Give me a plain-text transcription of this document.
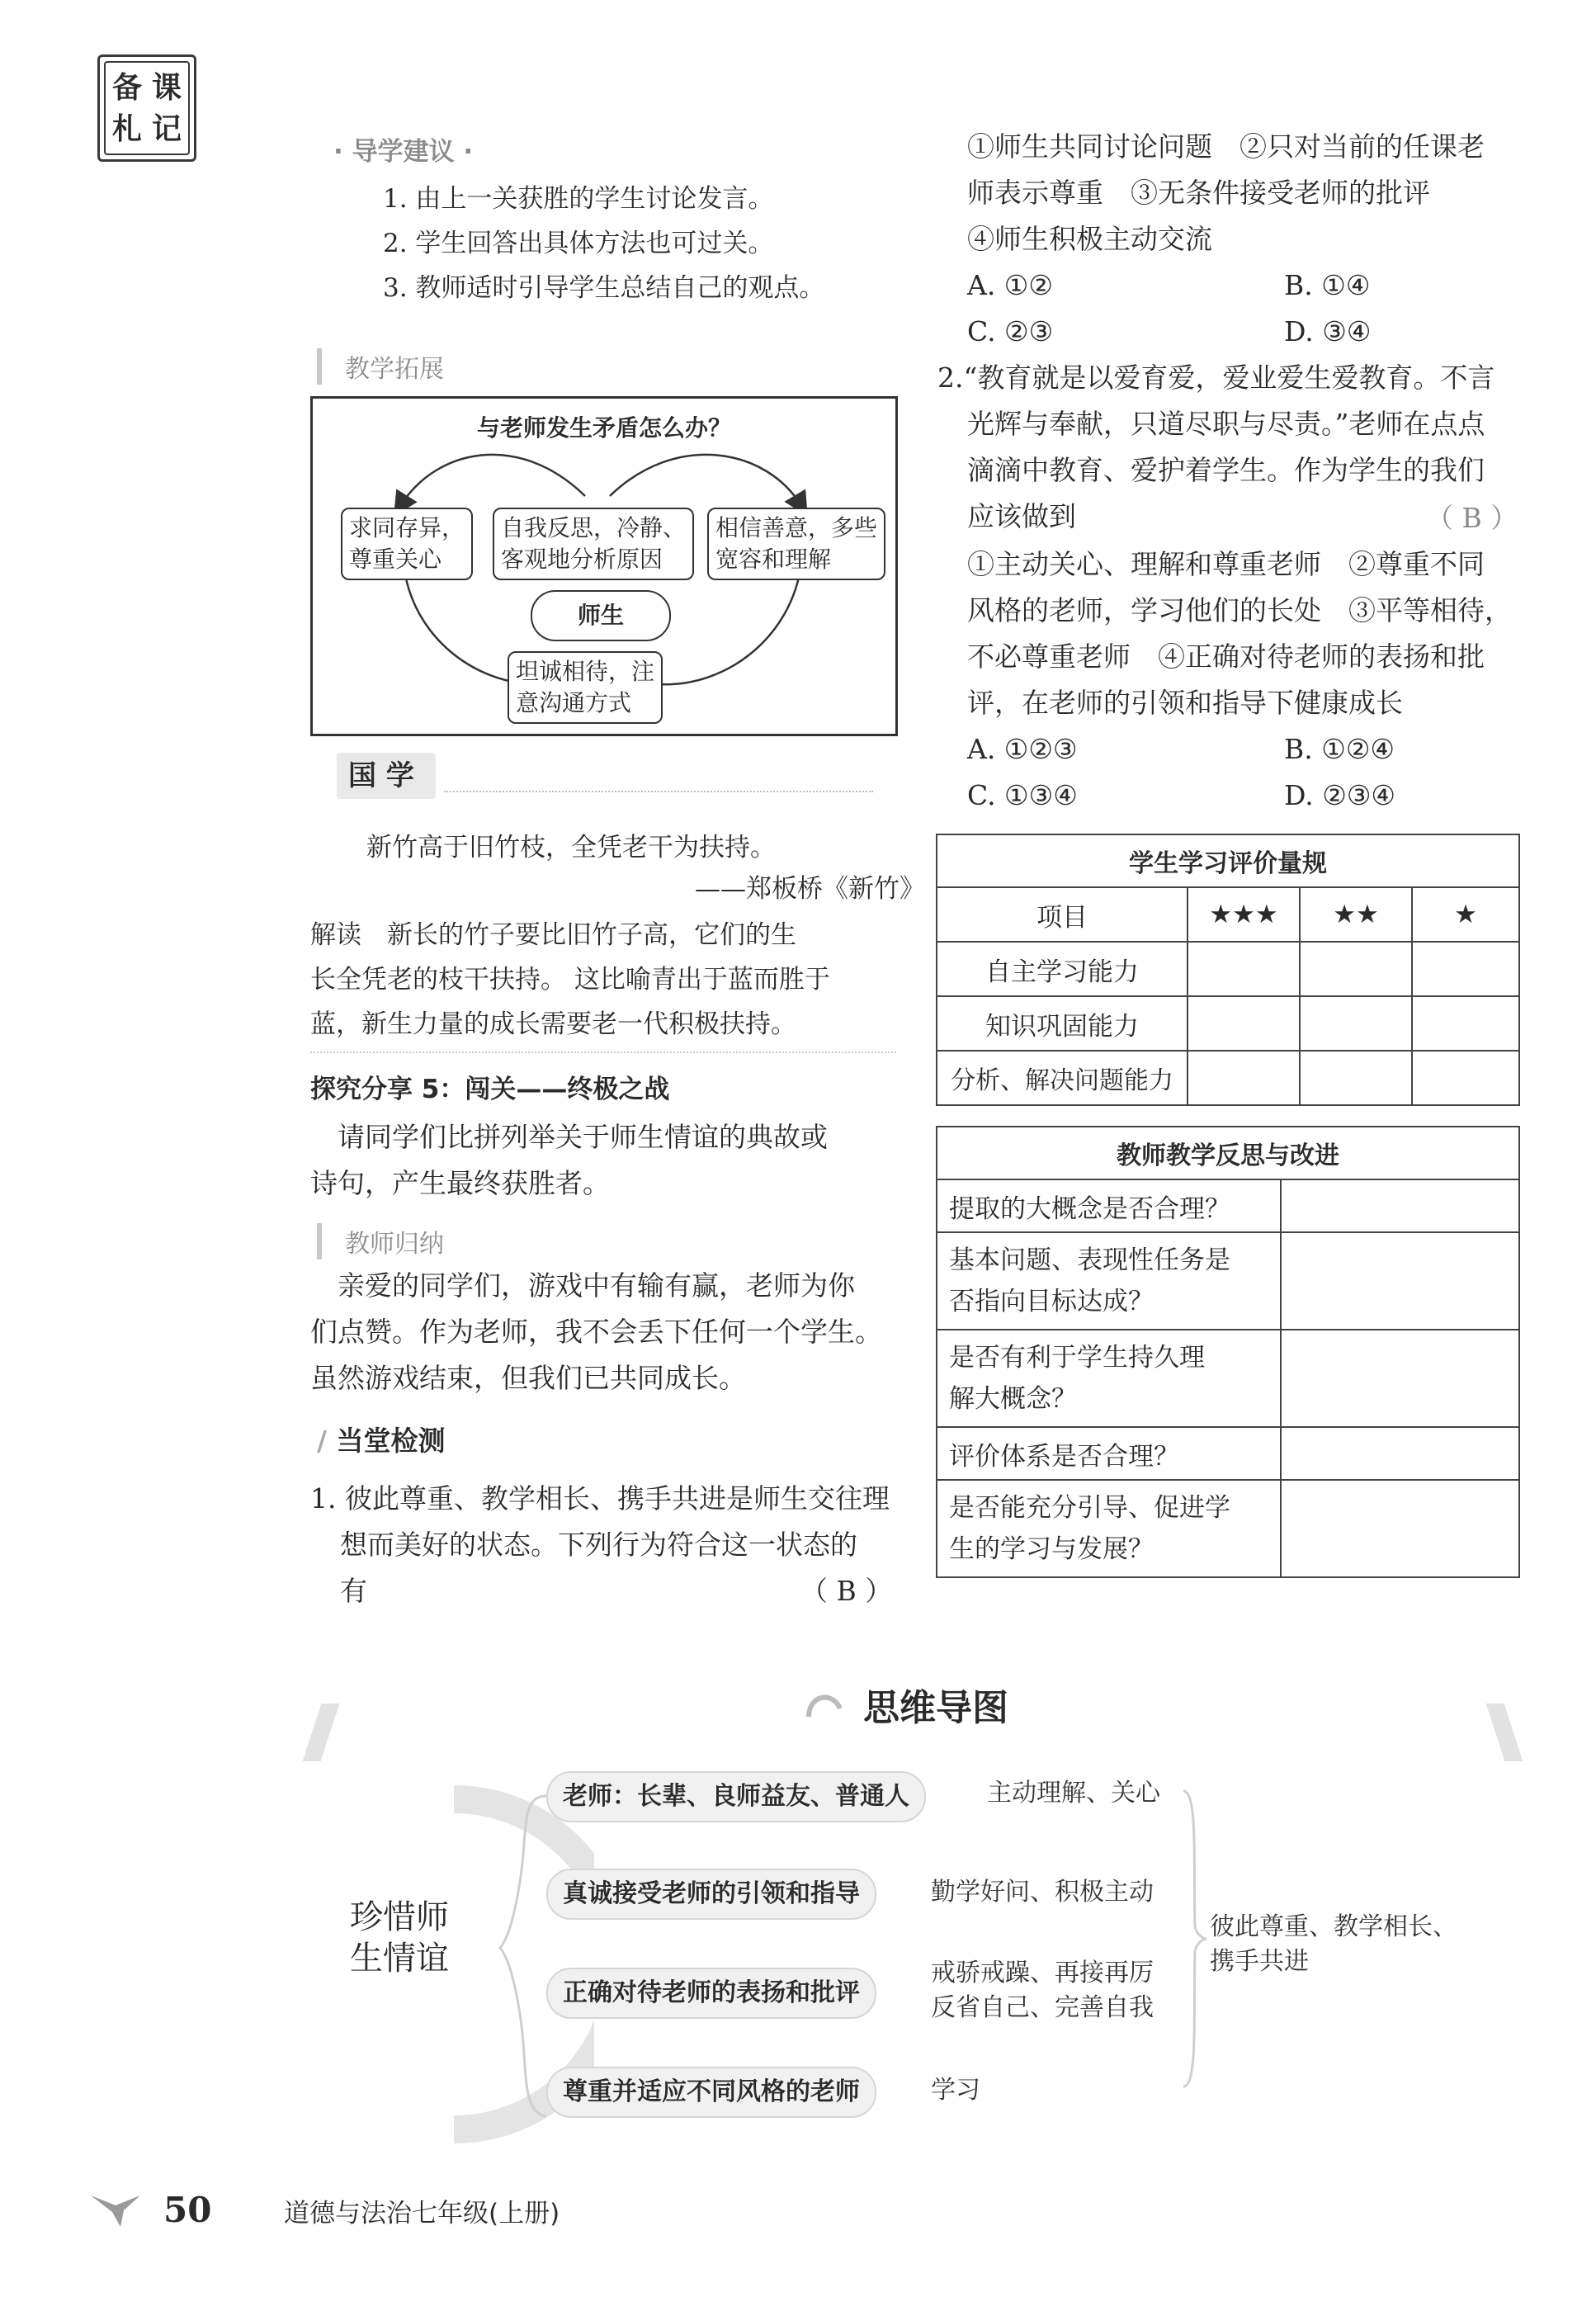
备 课
札 记
· 导学建议 ·
1. 由上一关获胜的学生讨论发言。
2. 学生回答出具体方法也可过关。
3. 教师适时引导学生总结自己的观点。
教学拓展
与老师发生矛盾怎么办？
求同存异，
尊重关心
自我反思，冷静、
客观地分析原因
相信善意，多些
宽容和理解
师生
坦诚相待，注
意沟通方式
国 学
新竹高于旧竹枝，全凭老干为扶持。
——郑板桥《新竹》
解读　新长的竹子要比旧竹子高，它们的生
长全凭老的枝干扶持。 这比喻青出于蓝而胜于
蓝，新生力量的成长需要老一代积极扶持。
探究分享 5：闯关——终极之战
　请同学们比拼列举关于师生情谊的典故或
诗句，产生最终获胜者。
教师归纳
　亲爱的同学们，游戏中有输有赢，老师为你
们点赞。作为老师，我不会丢下任何一个学生。
虽然游戏结束，但我们已共同成长。
∕ 当堂检测
1. 彼此尊重、教学相长、携手共进是师生交往理
想而美好的状态。下列行为符合这一状态的
有	（ B ）
①师生共同讨论问题　②只对当前的任课老
师表示尊重　③无条件接受老师的批评
④师生积极主动交流
A. ①②	B. ①④
C. ②③	D. ③④
2.“教育就是以爱育爱，爱业爱生爱教育。不言
光辉与奉献，只道尽职与尽责。”老师在点点
滴滴中教育、爱护着学生。作为学生的我们
应该做到	（ B ）
①主动关心、理解和尊重老师　②尊重不同
风格的老师，学习他们的长处　③平等相待，
不必尊重老师　④正确对待老师的表扬和批
评，在老师的引领和指导下健康成长
A. ①②③	B. ①②④
C. ①③④	D. ②③④
学生学习评价量规			
项目	★★★	★★	★
自主学习能力			
知识巩固能力			
分析、解决问题能力			
教师教学反思与改进	
提取的大概念是否合理？	

基本问题、表现性任务是
否指向目标达成？	

是否有利于学生持久理
解大概念？	

评价体系是否合理？	

是否能充分引导、促进学
生的学习与发展？	

思维导图
珍惜师
生情谊
老师：长辈、良师益友、普通人
真诚接受老师的引领和指导
正确对待老师的表扬和批评
尊重并适应不同风格的老师
主动理解、关心
勤学好问、积极主动
戒骄戒躁、再接再厉
反省自己、完善自我
学习
彼此尊重、教学相长、
携手共进
50	道德与法治七年级(上册)
